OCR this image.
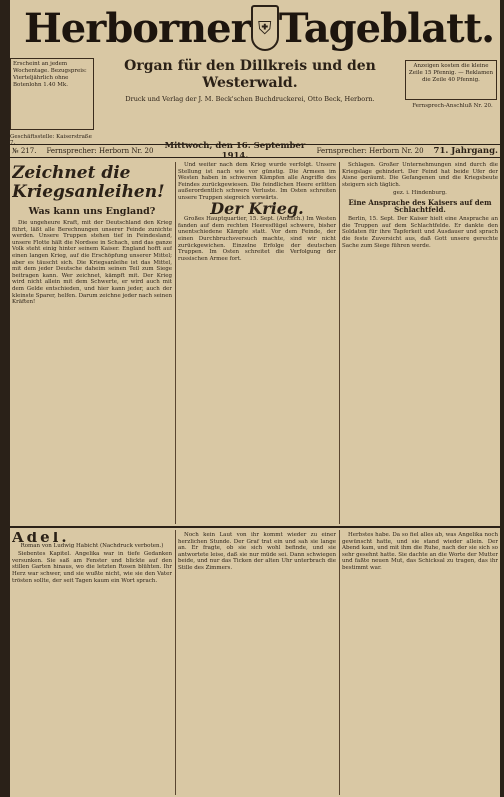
Herborner ⛨ Tageblatt.
Erscheint an jedem Wochentage. Bezugspreis: Vierteljährlich ohne Botenlohn 1.40 Mk.
Organ für den Dillkreis und den Westerwald.
Druck und Verlag der J. M. Beck'schen Buchdruckerei, Otto Beck, Herborn.
Anzeigen kosten die kleine Zeile 15 Pfennig. — Reklamen die Zeile 40 Pfennig.
Fernsprech-Anschluß Nr. 20.
Geschäftsstelle: Kaiserstraße 7.
№ 217. Fernsprecher: Herborn Nr. 20 Mittwoch, den 16. September 1914.	Fernsprecher: Herborn Nr. 20 71. Jahrgang.
Zeichnet die Kriegsanleihen!
Was kann uns England?

Die ungeheure Kraft, mit der Deutschland den Krieg führt, läßt alle Berechnungen unserer Feinde zunichte werden. Unsere Truppen stehen tief in Feindesland, unsere Flotte hält die Nordsee in Schach, und das ganze Volk steht einig hinter seinem Kaiser. England hofft auf einen langen Krieg, auf die Erschöpfung unserer Mittel; aber es täuscht sich. Die Kriegsanleihe ist das Mittel, mit dem jeder Deutsche daheim seinen Teil zum Siege beitragen kann. Wer zeichnet, kämpft mit. Der Krieg wird nicht allein mit dem Schwerte, er wird auch mit dem Gelde entschieden, und hier kann jeder, auch der kleinste Sparer, helfen. Darum zeichne jeder nach seinen Kräften!

Und weiter nach dem Krieg wurde verfolgt. Unsere Stellung ist nach wie vor günstig. Die Armeen im Westen haben in schweren Kämpfen alle Angriffe des Feindes zurückgewiesen. Die feindlichen Heere erlitten außerordentlich schwere Verluste. Im Osten schreiten unsere Truppen siegreich vorwärts.

Der Krieg.

Großes Hauptquartier, 15. Sept. (Amtlich.) Im Westen fanden auf dem rechten Heeresflügel schwere, bisher unentschiedene Kämpfe statt. Vor dem Feinde, der einen Durchbruchsversuch machte, sind wir nicht zurückgewichen. Einzelne Erfolge der deutschen Truppen. Im Osten schreitet die Verfolgung der russischen Armee fort.

Schlagen. Großer Unternehmungen sind durch die Kriegslage gehindert. Der Feind hat beide Ufer der Aisne geräumt. Die Gefangenen und die Kriegsbeute steigern sich täglich.

gez. i. Hindenburg.

Eine Ansprache des Kaisers auf dem Schlachtfeld.

Berlin, 15. Sept. Der Kaiser hielt eine Ansprache an die Truppen auf dem Schlachtfelde. Er dankte den Soldaten für ihre Tapferkeit und Ausdauer und sprach die feste Zuversicht aus, daß Gott unsere gerechte Sache zum Siege führen werde.

Adel.

Roman von Ludwig Habicht (Nachdruck verboten.)

Siebentes Kapitel. Angelika war in tiefe Gedanken versunken. Sie saß am Fenster und blickte auf den stillen Garten hinaus, wo die letzten Rosen blühten. Ihr Herz war schwer, und sie wußte nicht, wie sie den Vater trösten sollte, der seit Tagen kaum ein Wort sprach.

Noch kein Laut von ihr kommt wieder zu einer herzlichen Stunde. Der Graf trat ein und sah sie lange an. Er fragte, ob sie sich wohl befinde, und sie antwortete leise, daß sie nur müde sei. Dann schwiegen beide, und nur das Ticken der alten Uhr unterbrach die Stille des Zimmers.

Herbstes habe. Da so fiel alles ab, was Angelika noch gewünscht hatte, und sie stand wieder allein. Der Abend kam, und mit ihm die Ruhe, nach der sie sich so sehr gesehnt hatte. Sie dachte an die Worte der Mutter und faßte neuen Mut, das Schicksal zu tragen, das ihr bestimmt war.
